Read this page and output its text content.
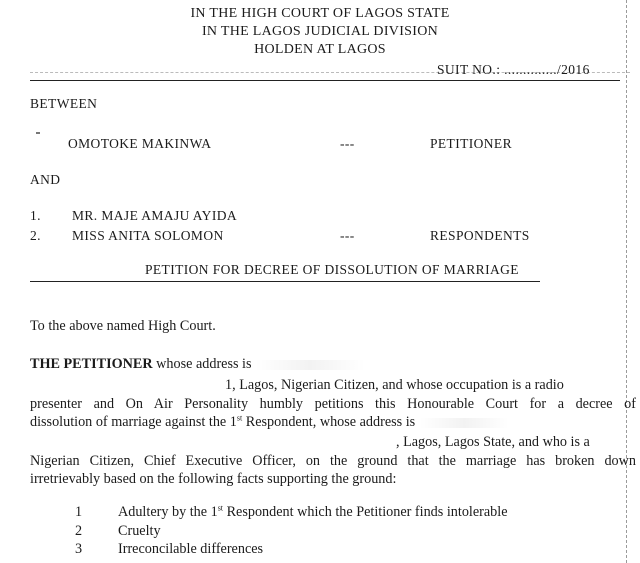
IN THE HIGH COURT OF LAGOS STATE
IN THE LAGOS JUDICIAL DIVISION
HOLDEN AT LAGOS
SUIT NO.: ............../2016
BETWEEN
OMOTOKE MAKINWA	---	PETITIONER
AND
1. MR. MAJE AMAJU AYIDA
2. MISS ANITA SOLOMON	---	RESPONDENTS
PETITION FOR DECREE OF DISSOLUTION OF MARRIAGE
To the above named High Court.
THE PETITIONER whose address is
1, Lagos, Nigerian Citizen, and whose occupation is a radio
presenter and On Air Personality humbly petitions this Honourable Court for a decree of
dissolution of marriage against the 1st Respondent, whose address is
, Lagos, Lagos State, and who is a
Nigerian Citizen, Chief Executive Officer, on the ground that the marriage has broken down
irretrievably based on the following facts supporting the ground:
1	Adultery by the 1st Respondent which the Petitioner finds intolerable
2	Cruelty
3	Irreconcilable differences
